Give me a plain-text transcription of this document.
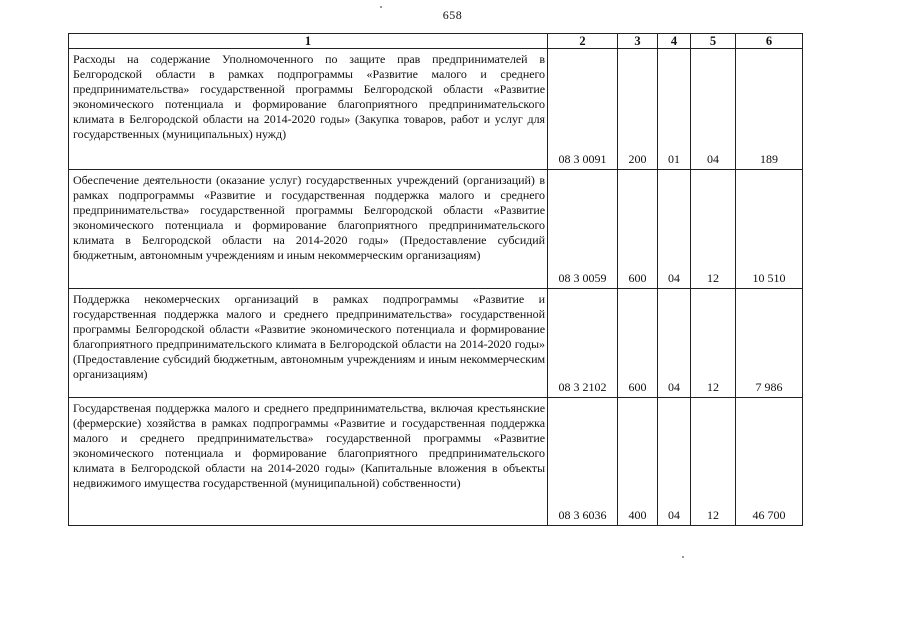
658
1	2	3	4	5	6
Расходы на содержание Уполномоченного по защите прав предпринимателей в Белгородской области в рамках подпрограммы «Развитие малого и среднего предпринимательства» государственной программы Белгородской области «Развитие экономического потенциала и формирование благоприятного предпринимательского климата в Белгородской области на 2014-2020 годы» (Закупка товаров, работ и услуг для государственных (муниципальных) нужд)	08 3 0091	200	01	04	189
Обеспечение деятельности (оказание услуг) государственных учреждений (организаций) в рамках подпрограммы «Развитие и государственная поддержка малого и среднего предпринимательства» государственной программы Белгородской области «Развитие экономического потенциала и формирование благоприятного предпринимательского климата в Белгородской области на 2014-2020 годы» (Предоставление субсидий бюджетным, автономным учреждениям и иным некоммерческим организациям)	08 3 0059	600	04	12	10 510
Поддержка некомерческих организаций в рамках подпрограммы «Развитие и государственная поддержка малого и среднего предпринимательства» государственной программы Белгородской области «Развитие экономического потенциала и формирование благоприятного предпринимательского климата в Белгородской области на 2014-2020 годы» (Предоставление субсидий бюджетным, автономным учреждениям и иным некоммерческим организациям)	08 3 2102	600	04	12	7 986
Государственая поддержка малого и среднего предпринимательства, включая крестьянские (фермерские) хозяйства в рамках подпрограммы «Развитие и государственная поддержка малого и среднего предпринимательства» государственной программы «Развитие экономического потенциала и формирование благоприятного предпринимательского климата в Белгородской области на 2014-2020 годы» (Капитальные вложения в объекты недвижимого имущества государственной (муниципальной) собственности)	08 3 6036	400	04	12	46 700
